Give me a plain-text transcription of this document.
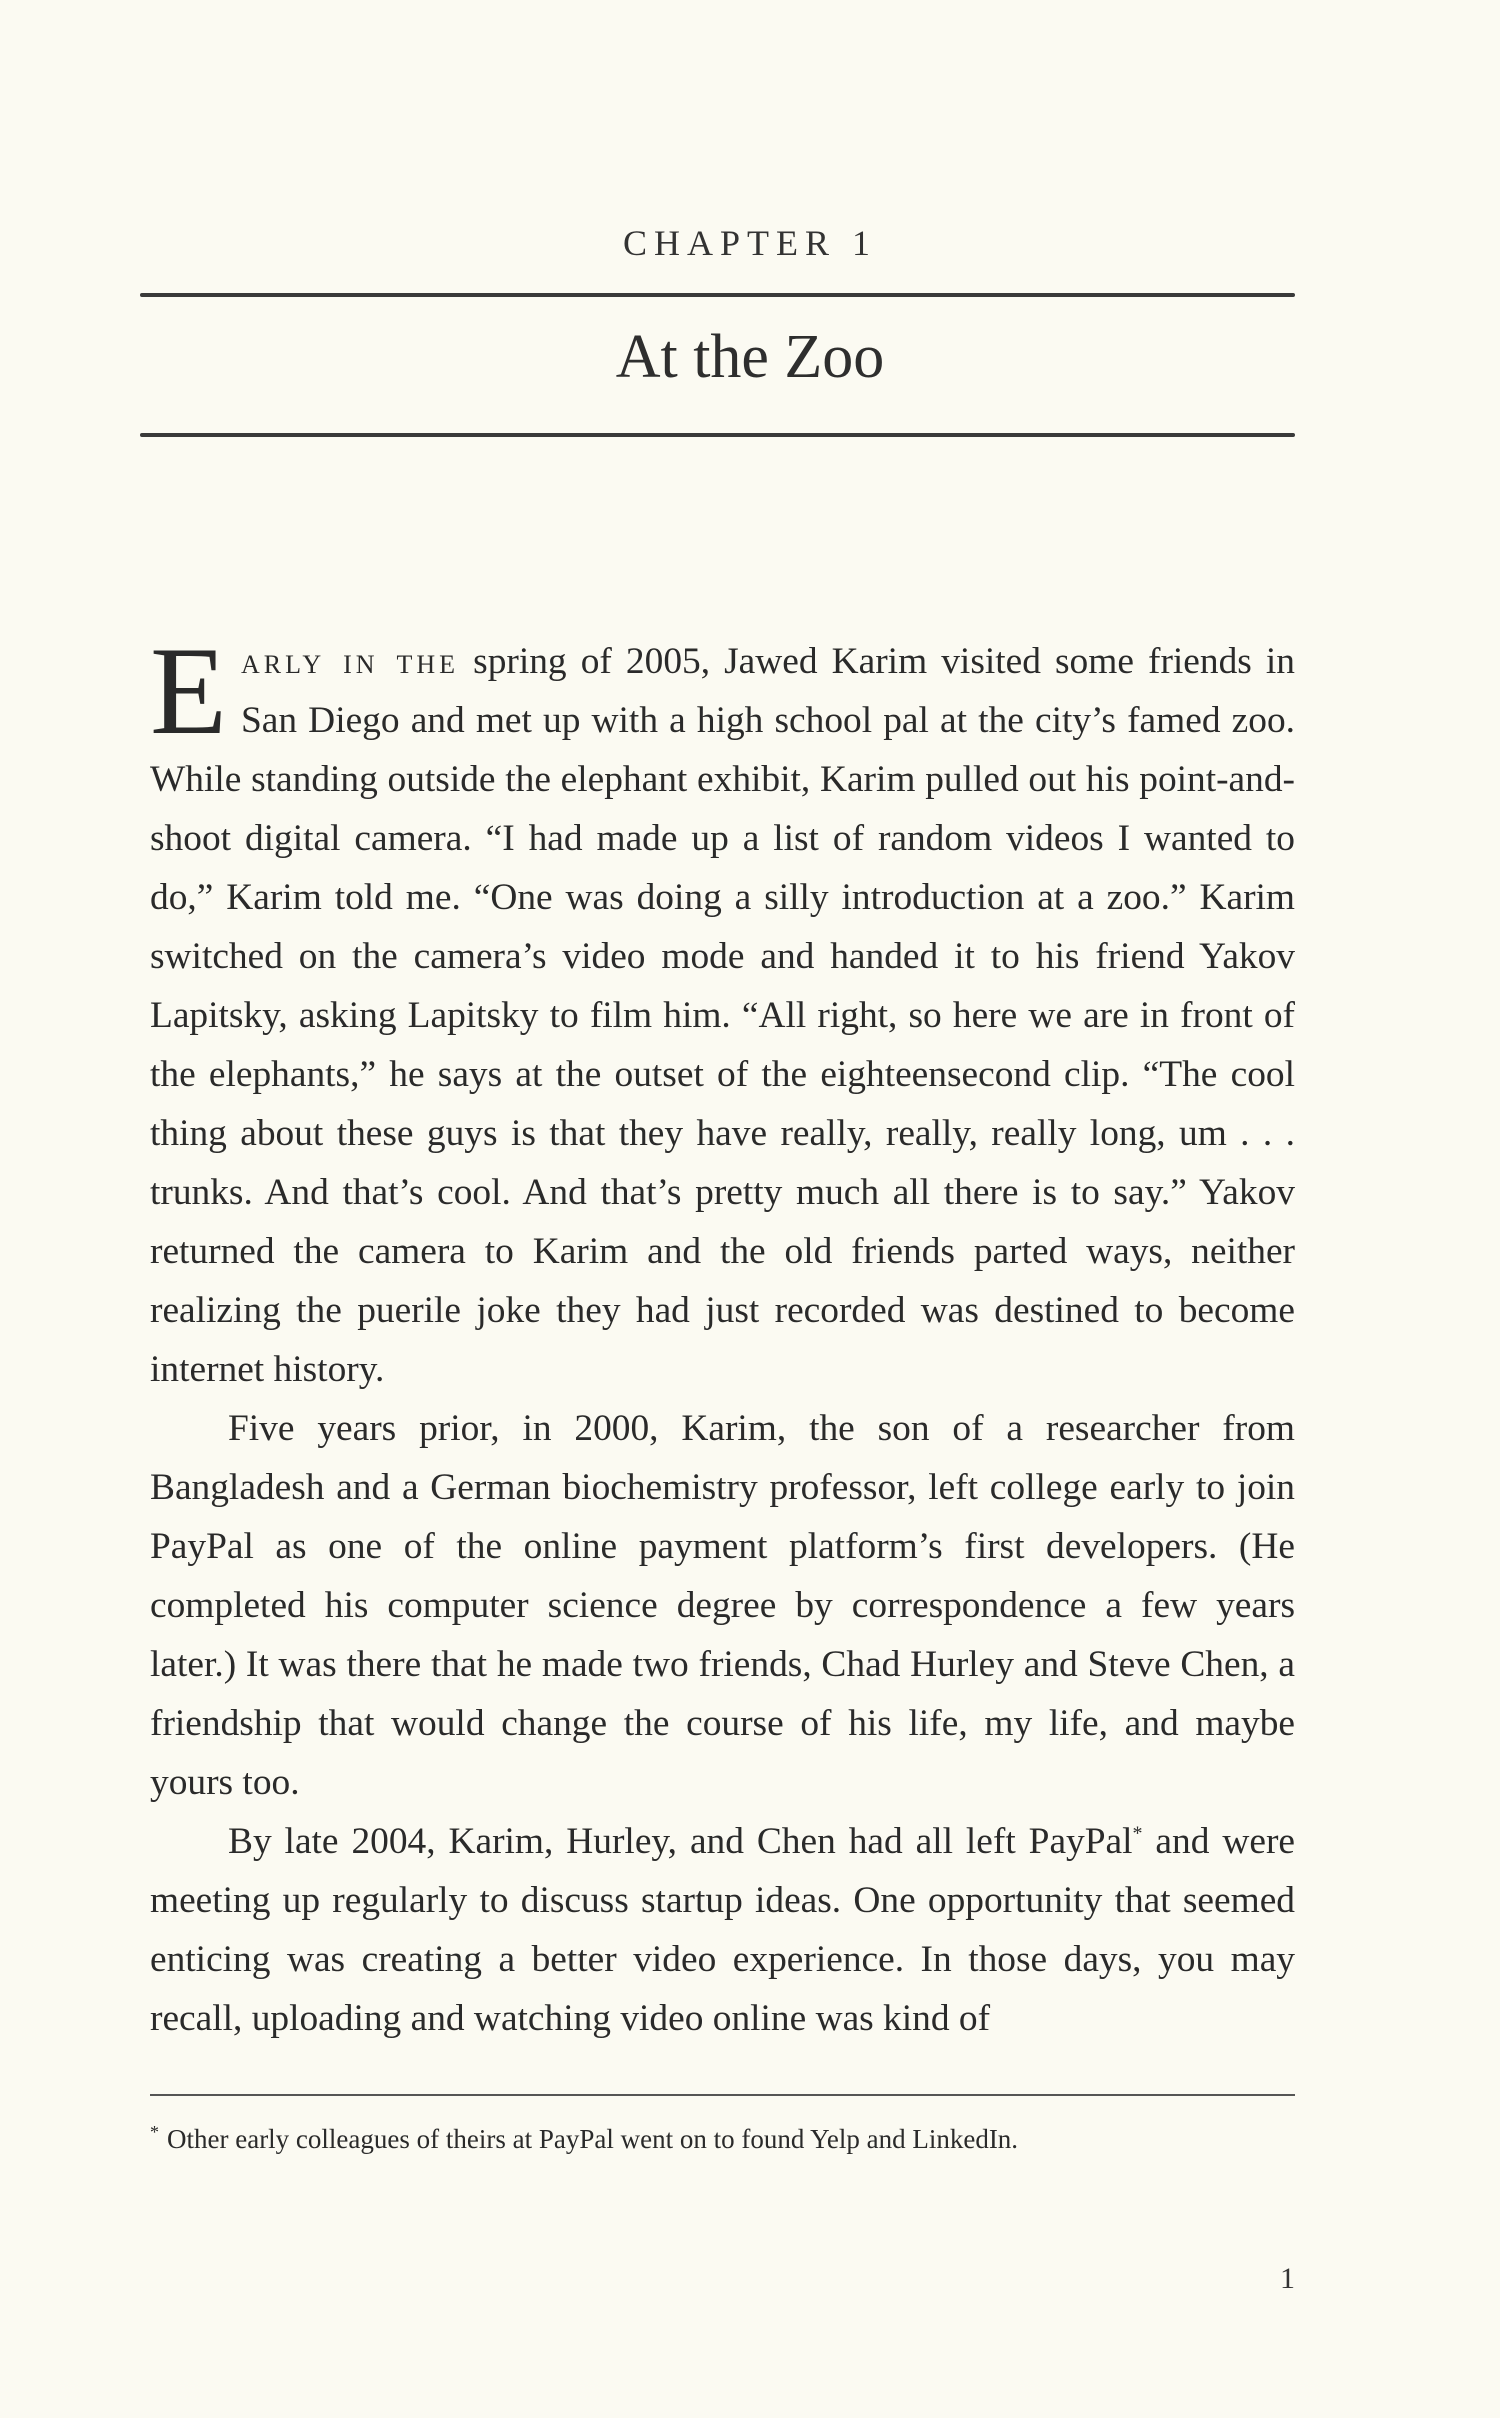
CHAPTER 1
At the Zoo

Early in the spring of 2005, Jawed Karim visited some friends in San Diego and met up with a high school pal at the city’s famed zoo. While standing outside the elephant exhibit, Karim pulled out his point-and-shoot digital camera. “I had made up a list of random videos I wanted to do,” Karim told me. “One was doing a silly introduction at a zoo.” Karim switched on the camera’s video mode and handed it to his friend Yakov Lapitsky, asking Lapitsky to film him. “All right, so here we are in front of the elephants,” he says at the outset of the eighteensecond clip. “The cool thing about these guys is that they have really, really, really long, um . . . trunks. And that’s cool. And that’s pretty much all there is to say.” Yakov returned the camera to Karim and the old friends parted ways, neither realizing the puerile joke they had just recorded was destined to become internet history.

Five years prior, in 2000, Karim, the son of a researcher from Bangladesh and a German biochemistry professor, left college early to join PayPal as one of the online payment platform’s first developers. (He completed his computer science degree by correspondence a few years later.) It was there that he made two friends, Chad Hurley and Steve Chen, a friendship that would change the course of his life, my life, and maybe yours too.

By late 2004, Karim, Hurley, and Chen had all left PayPal* and were meeting up regularly to discuss startup ideas. One opportunity that seemed enticing was creating a better video experience. In those days, you may recall, uploading and watching video online was kind of

* Other early colleagues of theirs at PayPal went on to found Yelp and LinkedIn.
1
